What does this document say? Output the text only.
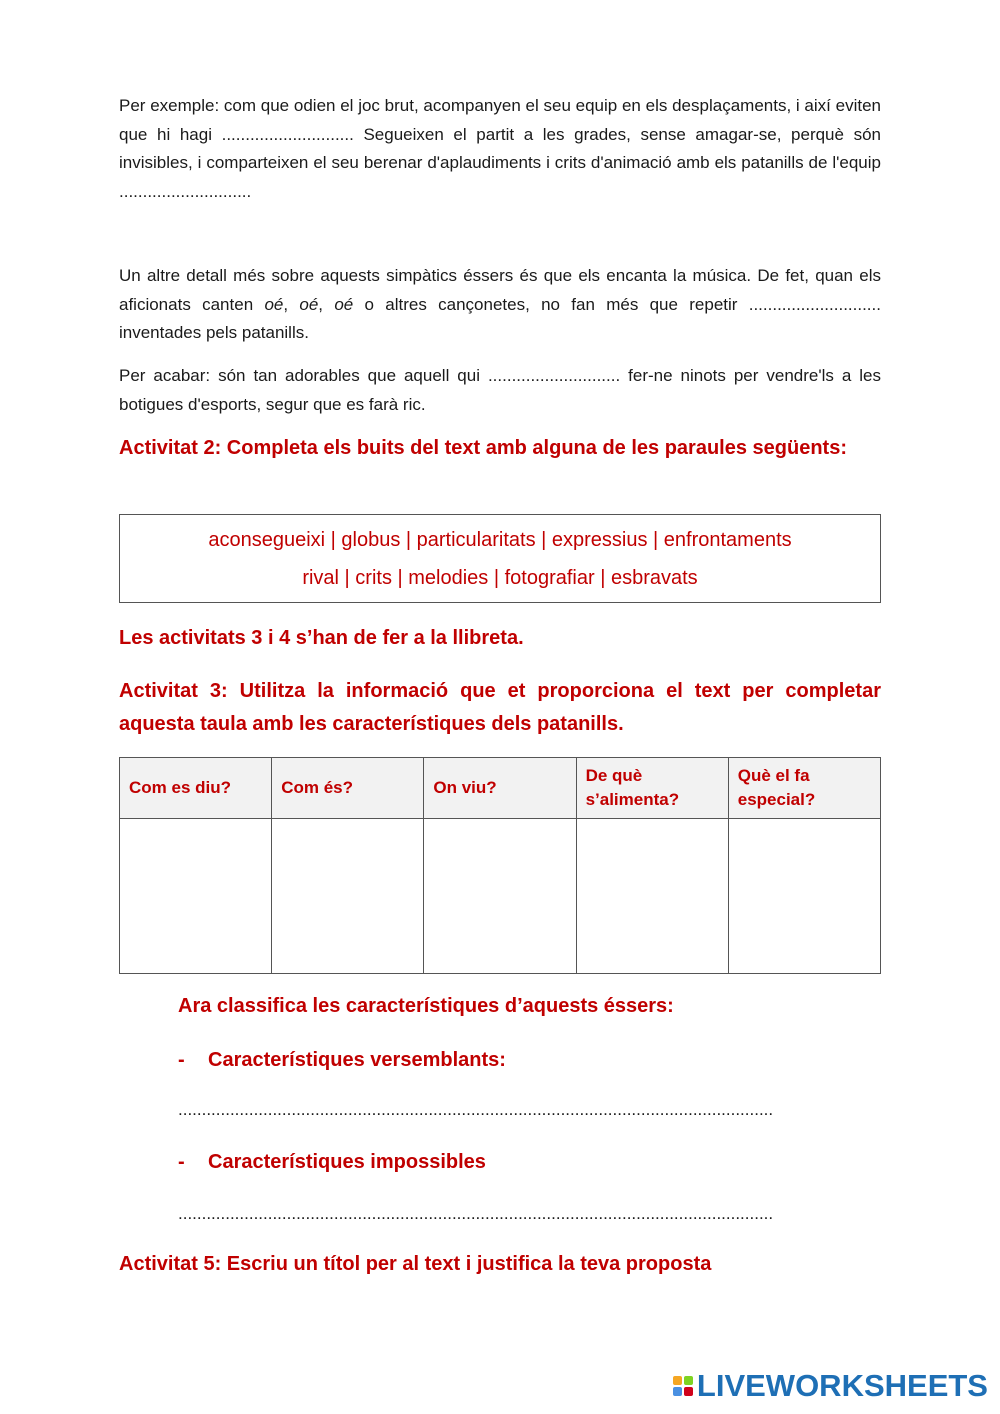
Per exemple: com que odien el joc brut, acompanyen el seu equip en els desplaçaments, i així eviten que hi hagi ............................ Segueixen el partit a les grades, sense amagar-se, perquè són invisibles, i comparteixen el seu berenar d'aplaudiments i crits d'animació amb els patanills de l'equip ............................

Un altre detall més sobre aquests simpàtics éssers és que els encanta la música. De fet, quan els aficionats canten oé, oé, oé o altres cançonetes, no fan més que repetir ............................ inventades pels patanills.

Per acabar: són tan adorables que aquell qui ............................ fer-ne ninots per vendre'ls a les botigues d'esports, segur que es farà ric.

Activitat 2: Completa els buits del text amb alguna de les paraules següents:

aconsegueixi | globus | particularitats | expressius | enfrontaments
rival | crits | melodies | fotografiar | esbravats

Les activitats 3 i 4 s’han de fer a la llibreta.

Activitat 3: Utilitza la informació que et proporciona el text per completar aquesta taula amb les característiques dels patanills.

Com es diu?	Com és?	On viu?	De què s’alimenta?	Què el fa especial?

Ara classifica les característiques d’aquests éssers:

- Característiques versemblants:

..............................................................................................................................

- Característiques impossibles

..............................................................................................................................

Activitat 5: Escriu un títol per al text i justifica la teva proposta

LIVEWORKSHEETS
